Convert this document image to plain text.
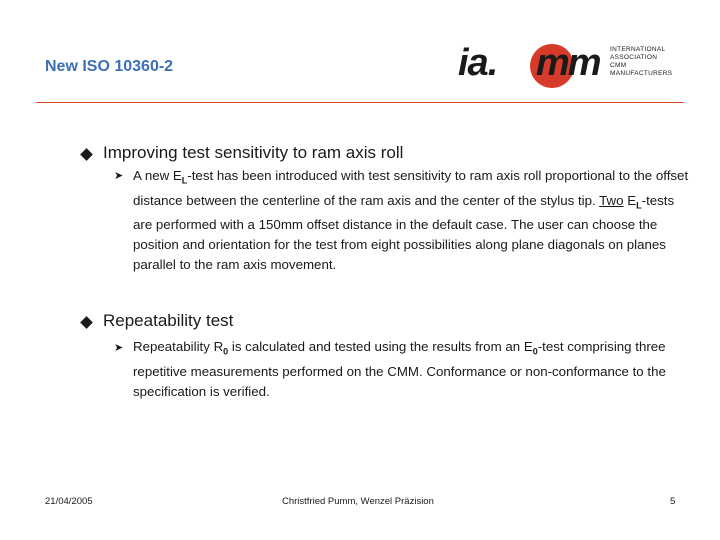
New ISO 10360-2	ia. mm INTERNATIONAL
ASSOCIATION
CMM MANUFACTURERS
Improving test sensitivity to ram axis roll
➤ A new $E_L$-test has been introduced with test sensitivity to ram axis roll proportional to the offset distance between the centerline of the ram axis and the center of the stylus tip. Two $E_L$-tests are performed with a 150mm offset distance in the default case. The user can choose the position and orientation for the test from eight possibilities along plane diagonals on planes parallel to the ram axis movement.
Repeatability test
➤ Repeatability $R_0$ is calculated and tested using the results from an $E_0$-test comprising three repetitive measurements performed on the CMM. Conformance or non-conformance to the specification is verified.
21/04/2005	Christfried Pumm, Wenzel Präzision	5
